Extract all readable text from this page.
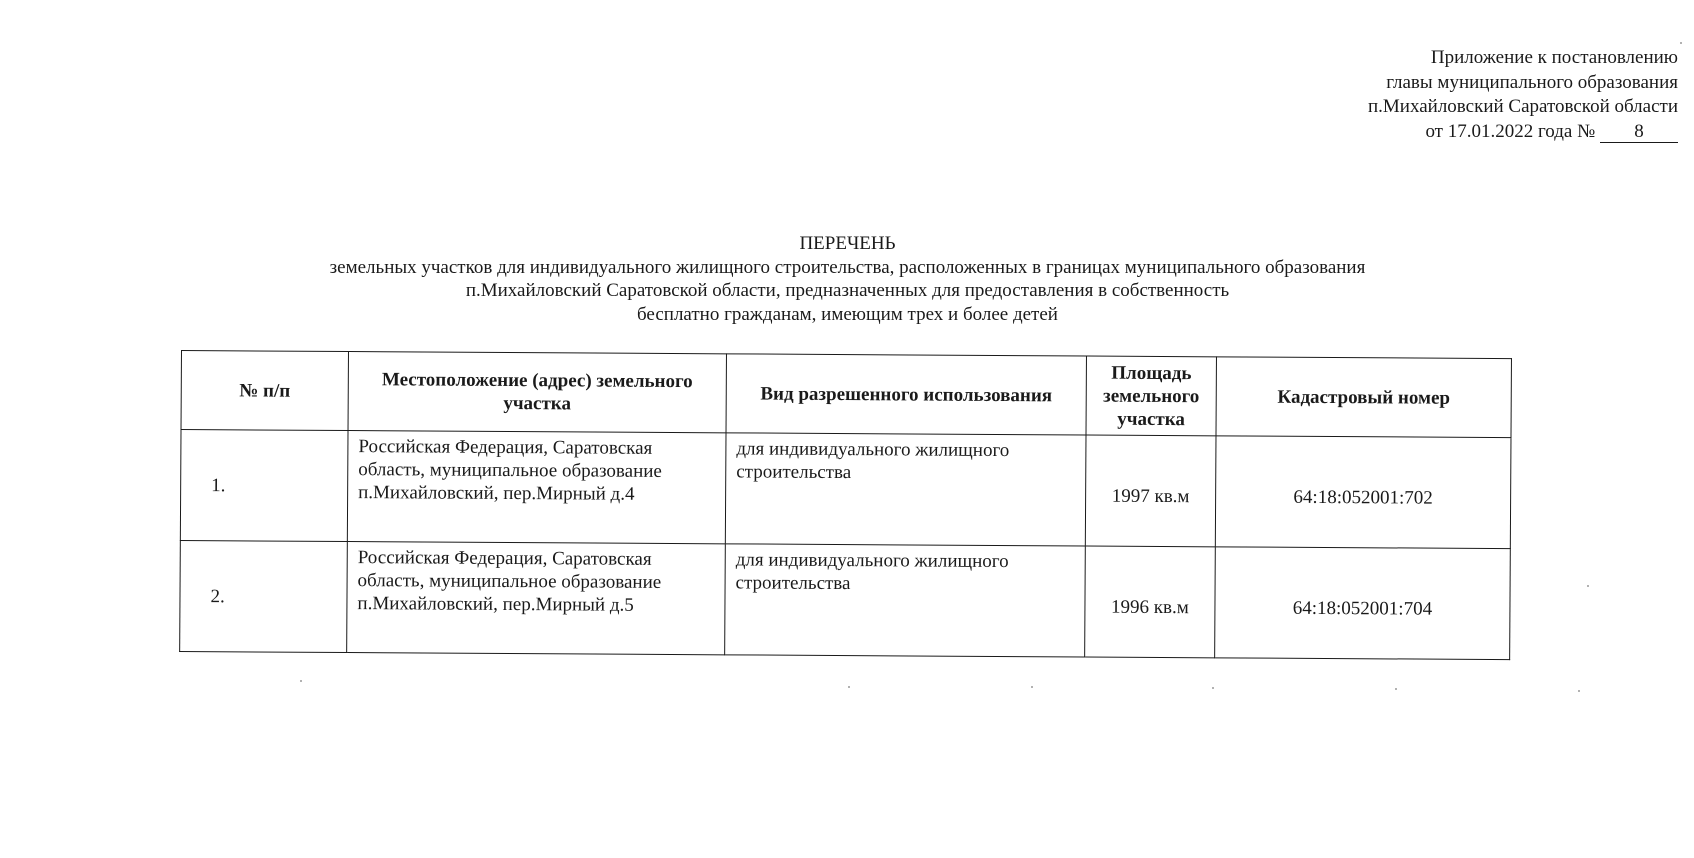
Приложение к постановлению
главы муниципального образования
п.Михайловский Саратовской области
от 17.01.2022 года № 8
ПЕРЕЧЕНЬ
земельных участков для индивидуального жилищного строительства, расположенных в границах муниципального образования
п.Михайловский Саратовской области, предназначенных для предоставления в собственность
бесплатно гражданам, имеющим трех и более детей
№ п/п	Местоположение (адрес) земельного участка	Вид разрешенного использования	Площадь земельного участка	Кадастровый номер
1.	Российская Федерация, Саратовская область, муниципальное образование п.Михайловский, пер.Мирный д.4	для индивидуального жилищного строительства	1997 кв.м	64:18:052001:702
2.	Российская Федерация, Саратовская область, муниципальное образование п.Михайловский, пер.Мирный д.5	для индивидуального жилищного строительства	1996 кв.м	64:18:052001:704
